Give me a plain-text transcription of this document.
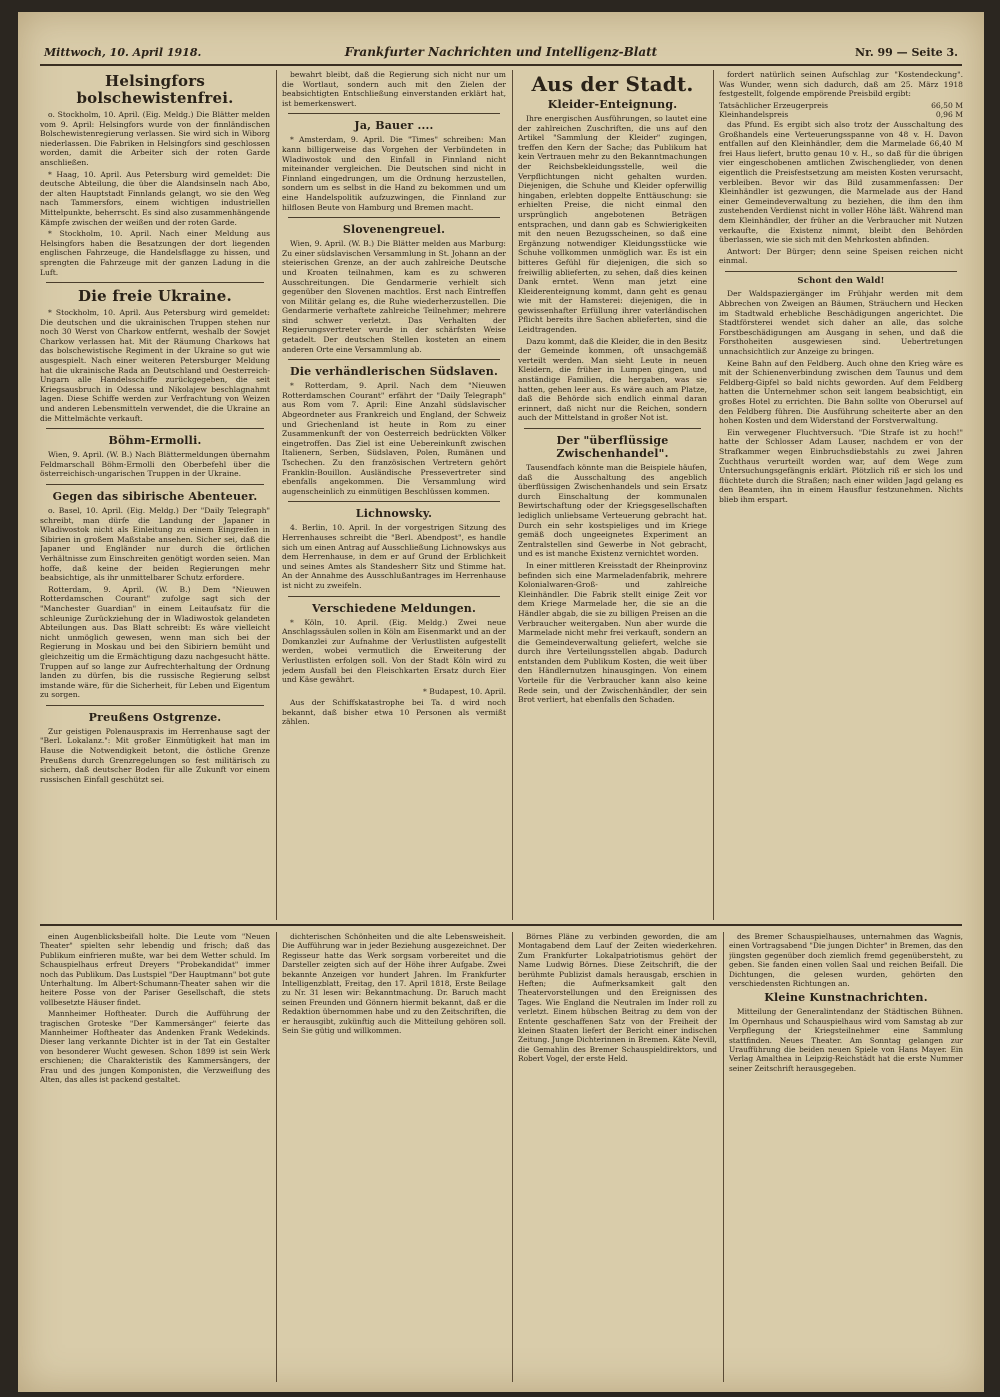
Mittwoch, 10. April 1918.	Frankfurter Nachrichten und Intelligenz-Blatt	Nr. 99 — Seite 3.
Helsingfors bolschewistenfrei.

o. Stockholm, 10. April. (Eig. Meldg.) Die Blätter melden vom 9. April: Helsingfors wurde von der finnländischen Bolschewistenregierung verlassen. Sie wird sich in Wiborg niederlassen. Die Fabriken in Helsingfors sind geschlossen worden, damit die Arbeiter sich der roten Garde anschließen.

* Haag, 10. April. Aus Petersburg wird gemeldet: Die deutsche Abteilung, die über die Alandsinseln nach Abo, der alten Hauptstadt Finnlands gelangt, wo sie den Weg nach Tammersfors, einem wichtigen industriellen Mittelpunkte, beherrscht. Es sind also zusammenhängende Kämpfe zwischen der weißen und der roten Garde.

* Stockholm, 10. April. Nach einer Meldung aus Helsingfors haben die Besatzungen der dort liegenden englischen Fahrzeuge, die Handelsflagge zu hissen, und sprengten die Fahrzeuge mit der ganzen Ladung in die Luft.

Die freie Ukraine.

* Stockholm, 10. April. Aus Petersburg wird gemeldet: Die deutschen und die ukrainischen Truppen stehen nur noch 30 Werst von Charkow entfernt, weshalb der Sowjet Charkow verlassen hat. Mit der Räumung Charkows hat das bolschewistische Regiment in der Ukraine so gut wie ausgespielt. Nach einer weiteren Petersburger Meldung hat die ukrainische Rada an Deutschland und Oesterreich-Ungarn alle Handelsschiffe zurückgegeben, die seit Kriegsausbruch in Odessa und Nikolajew beschlagnahmt lagen. Diese Schiffe werden zur Verfrachtung von Weizen und anderen Lebensmitteln verwendet, die die Ukraine an die Mittelmächte verkauft.

Böhm-Ermolli.

Wien, 9. April. (W. B.) Nach Blättermeldungen übernahm Feldmarschall Böhm-Ermolli den Oberbefehl über die österreichisch-ungarischen Truppen in der Ukraine.

Gegen das sibirische Abenteuer.

o. Basel, 10. April. (Eig. Meldg.) Der "Daily Telegraph" schreibt, man dürfe die Landung der Japaner in Wladiwostok nicht als Einleitung zu einem Eingreifen in Sibirien in großem Maßstabe ansehen. Sicher sei, daß die Japaner und Engländer nur durch die örtlichen Verhältnisse zum Einschreiten genötigt worden seien. Man hoffe, daß keine der beiden Regierungen mehr beabsichtige, als ihr unmittelbarer Schutz erfordere.

Rotterdam, 9. April. (W. B.) Dem "Nieuwen Rotterdamschen Courant" zufolge sagt sich der "Manchester Guardian" in einem Leitaufsatz für die schleunige Zurückziehung der in Wladiwostok gelandeten Abteilungen aus. Das Blatt schreibt: Es wäre vielleicht nicht unmöglich gewesen, wenn man sich bei der Regierung in Moskau und bei den Sibiriern bemüht und gleichzeitig um die Ermächtigung dazu nachgesucht hätte. Truppen auf so lange zur Aufrechterhaltung der Ordnung landen zu dürfen, bis die russische Regierung selbst imstande wäre, für die Sicherheit, für Leben und Eigentum zu sorgen.

Preußens Ostgrenze.

Zur geistigen Polenauspraxis im Herrenhause sagt der "Berl. Lokalanz.": Mit großer Einmütigkeit hat man im Hause die Notwendigkeit betont, die östliche Grenze Preußens durch Grenzregelungen so fest militärisch zu sichern, daß deutscher Boden für alle Zukunft vor einem russischen Einfall geschützt sei.

bewahrt bleibt, daß die Regierung sich nicht nur um die Wortlaut, sondern auch mit den Zielen der beabsichtigten Entschließung einverstanden erklärt hat, ist bemerkenswert.

Ja, Bauer ....

* Amsterdam, 9. April. Die "Times" schreiben: Man kann billigerweise das Vorgehen der Verbündeten in Wladiwostok und den Einfall in Finnland nicht miteinander vergleichen. Die Deutschen sind nicht in Finnland eingedrungen, um die Ordnung herzustellen, sondern um es selbst in die Hand zu bekommen und um eine Handelspolitik aufzuzwingen, die Finnland zur hilflosen Beute von Hamburg und Bremen macht.

Slovenengreuel.

Wien, 9. April. (W. B.) Die Blätter melden aus Marburg: Zu einer südslavischen Versammlung in St. Johann an der steierischen Grenze, an der auch zahlreiche Deutsche und Kroaten teilnahmen, kam es zu schweren Ausschreitungen. Die Gendarmerie verhielt sich gegenüber den Slovenen machtlos. Erst nach Eintreffen von Militär gelang es, die Ruhe wiederherzustellen. Die Gendarmerie verhaftete zahlreiche Teilnehmer; mehrere sind schwer verletzt. Das Verhalten der Regierungsvertreter wurde in der schärfsten Weise getadelt. Der deutschen Stellen kosteten an einem anderen Orte eine Versammlung ab.

Die verhändlerischen Südslaven.

* Rotterdam, 9. April. Nach dem "Nieuwen Rotterdamschen Courant" erfährt der "Daily Telegraph" aus Rom vom 7. April: Eine Anzahl südslavischer Abgeordneter aus Frankreich und England, der Schweiz und Griechenland ist heute in Rom zu einer Zusammenkunft der von Oesterreich bedrückten Völker eingetroffen. Das Ziel ist eine Uebereinkunft zwischen Italienern, Serben, Südslaven, Polen, Rumänen und Tschechen. Zu den französischen Vertretern gehört Franklin-Bouillon. Ausländische Pressevertreter sind ebenfalls angekommen. Die Versammlung wird augenscheinlich zu einmütigen Beschlüssen kommen.

Lichnowsky.

4. Berlin, 10. April. In der vorgestrigen Sitzung des Herrenhauses schreibt die "Berl. Abendpost", es handle sich um einen Antrag auf Ausschließung Lichnowskys aus dem Herrenhause, in dem er auf Grund der Erblichkeit und seines Amtes als Standesherr Sitz und Stimme hat. An der Annahme des Ausschlußantrages im Herrenhause ist nicht zu zweifeln.

Verschiedene Meldungen.

* Köln, 10. April. (Eig. Meldg.) Zwei neue Anschlagssäulen sollen in Köln am Eisenmarkt und an der Domkanzlei zur Aufnahme der Verlustlisten aufgestellt werden, wobei vermutlich die Erweiterung der Verlustlisten erfolgen soll. Von der Stadt Köln wird zu jedem Ausfall bei den Fleischkarten Ersatz durch Eier und Käse gewährt.

* Budapest, 10. April.

Aus der Schiffskatastrophe bei Ta. d wird noch bekannt, daß bisher etwa 10 Personen als vermißt zählen.

Aus der Stadt.
Kleider-Enteignung.

Ihre energischen Ausführungen, so lautet eine der zahlreichen Zuschriften, die uns auf den Artikel "Sammlung der Kleider" zugingen, treffen den Kern der Sache; das Publikum hat kein Vertrauen mehr zu den Bekanntmachungen der Reichsbekleidungsstelle, weil die Verpflichtungen nicht gehalten wurden. Diejenigen, die Schuhe und Kleider opferwillig hingaben, erlebten doppelte Enttäuschung: sie erhielten Preise, die nicht einmal den ursprünglich angebotenen Beträgen entsprachen, und dann gab es Schwierigkeiten mit den neuen Bezugsscheinen, so daß eine Ergänzung notwendiger Kleidungsstücke wie Schuhe vollkommen unmöglich war. Es ist ein bitteres Gefühl für diejenigen, die sich so freiwillig ablieferten, zu sehen, daß dies keinen Dank erntet. Wenn man jetzt eine Kleiderenteignung kommt, dann geht es genau wie mit der Hamsterei: diejenigen, die in gewissenhafter Erfüllung ihrer vaterländischen Pflicht bereits ihre Sachen ablieferten, sind die Leidtragenden.

Dazu kommt, daß die Kleider, die in den Besitz der Gemeinde kommen, oft unsachgemäß verteilt werden. Man sieht Leute in neuen Kleidern, die früher in Lumpen gingen, und anständige Familien, die hergaben, was sie hatten, gehen leer aus. Es wäre auch am Platze, daß die Behörde sich endlich einmal daran erinnert, daß nicht nur die Reichen, sondern auch der Mittelstand in großer Not ist.

Der "überflüssige Zwischenhandel".

Tausendfach könnte man die Beispiele häufen, daß die Ausschaltung des angeblich überflüssigen Zwischenhandels und sein Ersatz durch Einschaltung der kommunalen Bewirtschaftung oder der Kriegsgesellschaften lediglich unliebsame Verteuerung gebracht hat. Durch ein sehr kostspieliges und im Kriege gemäß doch ungeeignetes Experiment an Zentralstellen sind Gewerbe in Not gebracht, und es ist manche Existenz vernichtet worden.

In einer mittleren Kreisstadt der Rheinprovinz befinden sich eine Marmeladenfabrik, mehrere Kolonialwaren-Groß- und zahlreiche Kleinhändler. Die Fabrik stellt einige Zeit vor dem Kriege Marmelade her, die sie an die Händler abgab, die sie zu billigen Preisen an die Verbraucher weitergaben. Nun aber wurde die Marmelade nicht mehr frei verkauft, sondern an die Gemeindeverwaltung geliefert, welche sie durch ihre Verteilungsstellen abgab. Dadurch entstanden dem Publikum Kosten, die weit über den Händlernutzen hinausgingen. Von einem Vorteile für die Verbraucher kann also keine Rede sein, und der Zwischenhändler, der sein Brot verliert, hat ebenfalls den Schaden.

fordert natürlich seinen Aufschlag zur "Kostendeckung". Was Wunder, wenn sich dadurch, daß am 25. März 1918 festgestellt, folgende empörende Preisbild ergibt:

Tatsächlicher Erzeugerpreis	66,50 M
Kleinhandelspreis	0,96 M

das Pfund. Es ergibt sich also trotz der Ausschaltung des Großhandels eine Verteuerungsspanne von 48 v. H. Davon entfallen auf den Kleinhändler, dem die Marmelade 66,40 M frei Haus liefert, brutto genau 10 v. H., so daß für die übrigen vier eingeschobenen amtlichen Zwischenglieder, von denen eigentlich die Preisfestsetzung am meisten Kosten verursacht, verbleiben. Bevor wir das Bild zusammenfassen: Der Kleinhändler ist gezwungen, die Marmelade aus der Hand einer Gemeindeverwaltung zu beziehen, die ihm den ihm zustehenden Verdienst nicht in voller Höhe läßt. Während man dem Kleinhändler, der früher an die Verbraucher mit Nutzen verkaufte, die Existenz nimmt, bleibt den Behörden überlassen, wie sie sich mit den Mehrkosten abfinden.

Antwort: Der Bürger; denn seine Speisen reichen nicht einmal.

Schont den Wald!

Der Waldspaziergänger im Frühjahr werden mit dem Abbrechen von Zweigen an Bäumen, Sträuchern und Hecken im Stadtwald erhebliche Beschädigungen angerichtet. Die Stadtförsterei wendet sich daher an alle, das solche Forstbeschädigungen am Ausgang in sehen, und daß die Forsthoheiten ausgewiesen sind. Uebertretungen unnachsichtlich zur Anzeige zu bringen.

Keine Bahn auf den Feldberg. Auch ohne den Krieg wäre es mit der Schienenverbindung zwischen dem Taunus und dem Feldberg-Gipfel so bald nichts geworden. Auf dem Feldberg hatten die Unternehmer schon seit langem beabsichtigt, ein großes Hotel zu errichten. Die Bahn sollte von Oberursel auf den Feldberg führen. Die Ausführung scheiterte aber an den hohen Kosten und dem Widerstand der Forstverwaltung.

Ein verwegener Fluchtversuch. "Die Strafe ist zu hoch!" hatte der Schlosser Adam Lauser, nachdem er von der Strafkammer wegen Einbruchsdiebstahls zu zwei Jahren Zuchthaus verurteilt worden war, auf dem Wege zum Untersuchungsgefängnis erklärt. Plötzlich riß er sich los und flüchtete durch die Straßen; nach einer wilden Jagd gelang es den Beamten, ihn in einem Hausflur festzunehmen. Nichts blieb ihm erspart.

einen Augenblicksbeifall holte. Die Leute vom "Neuen Theater" spielten sehr lebendig und frisch; daß das Publikum einfrieren mußte, war bei dem Wetter schuld. Im Schauspielhaus erfreut Dreyers "Probekandidat" immer noch das Publikum. Das Lustspiel "Der Hauptmann" bot gute Unterhaltung. Im Albert-Schumann-Theater sahen wir die heitere Posse von der Pariser Gesellschaft, die stets vollbesetzte Häuser findet.

Mannheimer Hoftheater. Durch die Aufführung der tragischen Groteske "Der Kammersänger" feierte das Mannheimer Hoftheater das Andenken Frank Wedekinds. Dieser lang verkannte Dichter ist in der Tat ein Gestalter von besonderer Wucht gewesen. Schon 1899 ist sein Werk erschienen; die Charakteristik des Kammersängers, der Frau und des jungen Komponisten, die Verzweiflung des Alten, das alles ist packend gestaltet.

dichterischen Schönheiten und die alte Lebensweisheit. Die Aufführung war in jeder Beziehung ausgezeichnet. Der Regisseur hatte das Werk sorgsam vorbereitet und die Darsteller zeigten sich auf der Höhe ihrer Aufgabe. Zwei bekannte Anzeigen vor hundert Jahren. Im Frankfurter Intelligenzblatt, Freitag, den 17. April 1818, Erste Beilage zu Nr. 31 lesen wir: Bekanntmachung. Dr. Baruch macht seinen Freunden und Gönnern hiermit bekannt, daß er die Redaktion übernommen habe und zu den Zeitschriften, die er herausgibt, zukünftig auch die Mitteilung gehören soll. Sein Sie gütig und willkommen.

Börnes Pläne zu verbinden geworden, die am Montagabend dem Lauf der Zeiten wiederkehren. Zum Frankfurter Lokalpatriotismus gehört der Name Ludwig Börnes. Diese Zeitschrift, die der berühmte Publizist damals herausgab, erschien in Heften; die Aufmerksamkeit galt den Theatervorstellungen und den Ereignissen des Tages. Wie England die Neutralen im Inder roll zu verletzt. Einem hübschen Beitrag zu dem von der Entente geschaffenen Satz von der Freiheit der kleinen Staaten liefert der Bericht einer indischen Zeitung. Junge Dichterinnen in Bremen. Käte Nevill, die Gemahlin des Bremer Schauspieldirektors, und Robert Vogel, der erste Held.

des Bremer Schauspielhauses, unternahmen das Wagnis, einen Vortragsabend "Die jungen Dichter" in Bremen, das den jüngsten gegenüber doch ziemlich fremd gegenübersteht, zu geben. Sie fanden einen vollen Saal und reichen Beifall. Die Dichtungen, die gelesen wurden, gehörten den verschiedensten Richtungen an.

Kleine Kunstnachrichten.

Mitteilung der Generalintendanz der Städtischen Bühnen. Im Opernhaus und Schauspielhaus wird vom Samstag ab zur Verpflegung der Kriegsteilnehmer eine Sammlung stattfinden. Neues Theater. Am Sonntag gelangen zur Uraufführung die beiden neuen Spiele von Hans Mayer. Ein Verlag Amalthea in Leipzig-Reichstädt hat die erste Nummer seiner Zeitschrift herausgegeben.
